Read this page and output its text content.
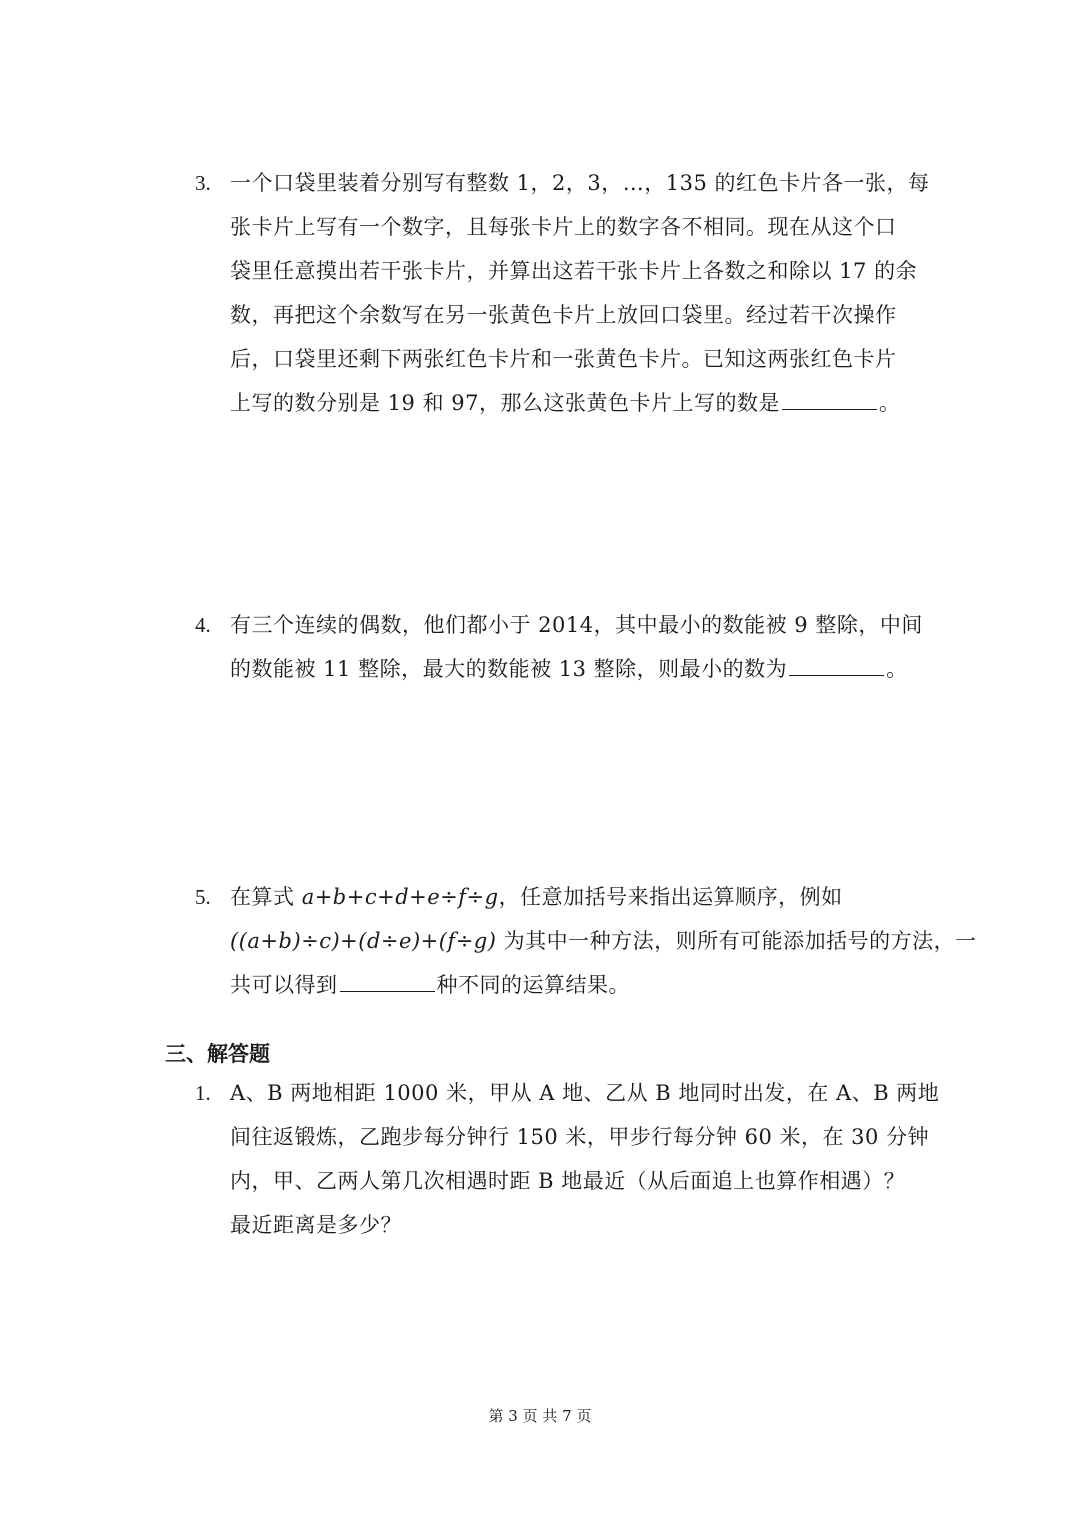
3. 一个口袋里装着分别写有整数 1，2，3，…，135 的红色卡片各一张，每
张卡片上写有一个数字，且每张卡片上的数字各不相同。现在从这个口
袋里任意摸出若干张卡片，并算出这若干张卡片上各数之和除以 17 的余
数，再把这个余数写在另一张黄色卡片上放回口袋里。经过若干次操作
后，口袋里还剩下两张红色卡片和一张黄色卡片。已知这两张红色卡片
上写的数分别是 19 和 97，那么这张黄色卡片上写的数是	。
4. 有三个连续的偶数，他们都小于 2014，其中最小的数能被 9 整除，中间
的数能被 11 整除，最大的数能被 13 整除，则最小的数为	。
5. 在算式 a+b+c+d+e÷f÷g，任意加括号来指出运算顺序，例如
((a+b)÷c)+(d÷e)+(f÷g) 为其中一种方法，则所有可能添加括号的方法，一
共可以得到	种不同的运算结果。
三、解答题
1. A、B 两地相距 1000 米，甲从 A 地、乙从 B 地同时出发，在 A、B 两地
间往返锻炼，乙跑步每分钟行 150 米，甲步行每分钟 60 米，在 30 分钟
内，甲、乙两人第几次相遇时距 B 地最近（从后面追上也算作相遇）？
最近距离是多少？
第 3 页 共 7 页
